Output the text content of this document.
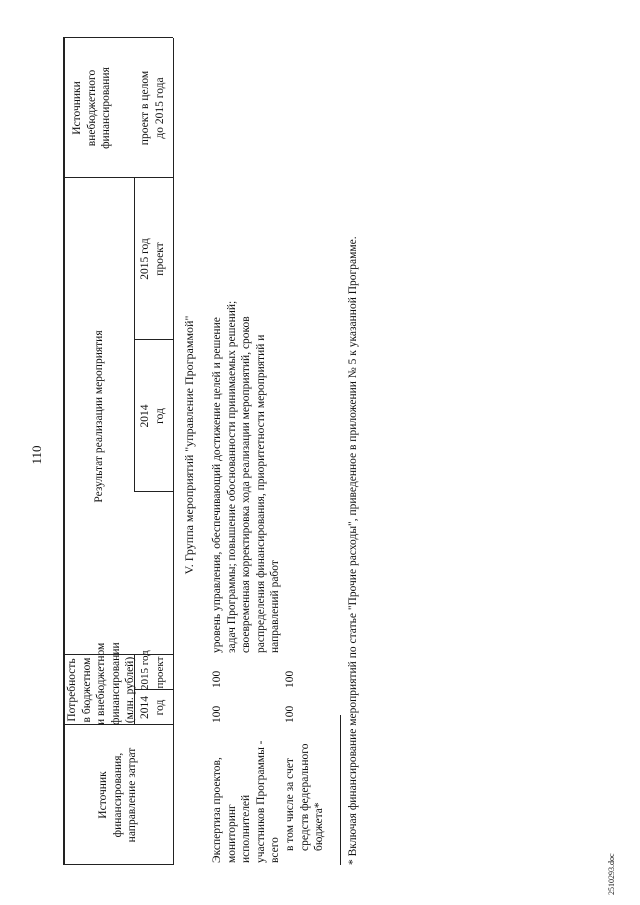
110
Источник финансирования, направление затрат
Потребность в бюджетном и внебюджетном финансировании (млн. рублей) 2014 год
2015 год проект
Результат реализации мероприятия	2014 год
2015 год проект
проект в целом до 2015 года
Источники внебюджетного финансирования
V. Группа мероприятий "управление Программой"
Экспертиза проектов, мониторинг исполнителей участников Программы - всего
100
100
уровень управления, обеспечивающий достижение целей и решение задач Программы; повышение обоснованности принимаемых решений; своевременная корректировка хода реализации мероприятий, сроков распределения финансирования, приоритетности мероприятий и направлений работ
в том числе за счет средств федерального бюджета*
100
100	* Включая финансирование мероприятий по статье "Прочие расходы", приведенное в приложении № 5 к указанной Программе.
2510293.doc
